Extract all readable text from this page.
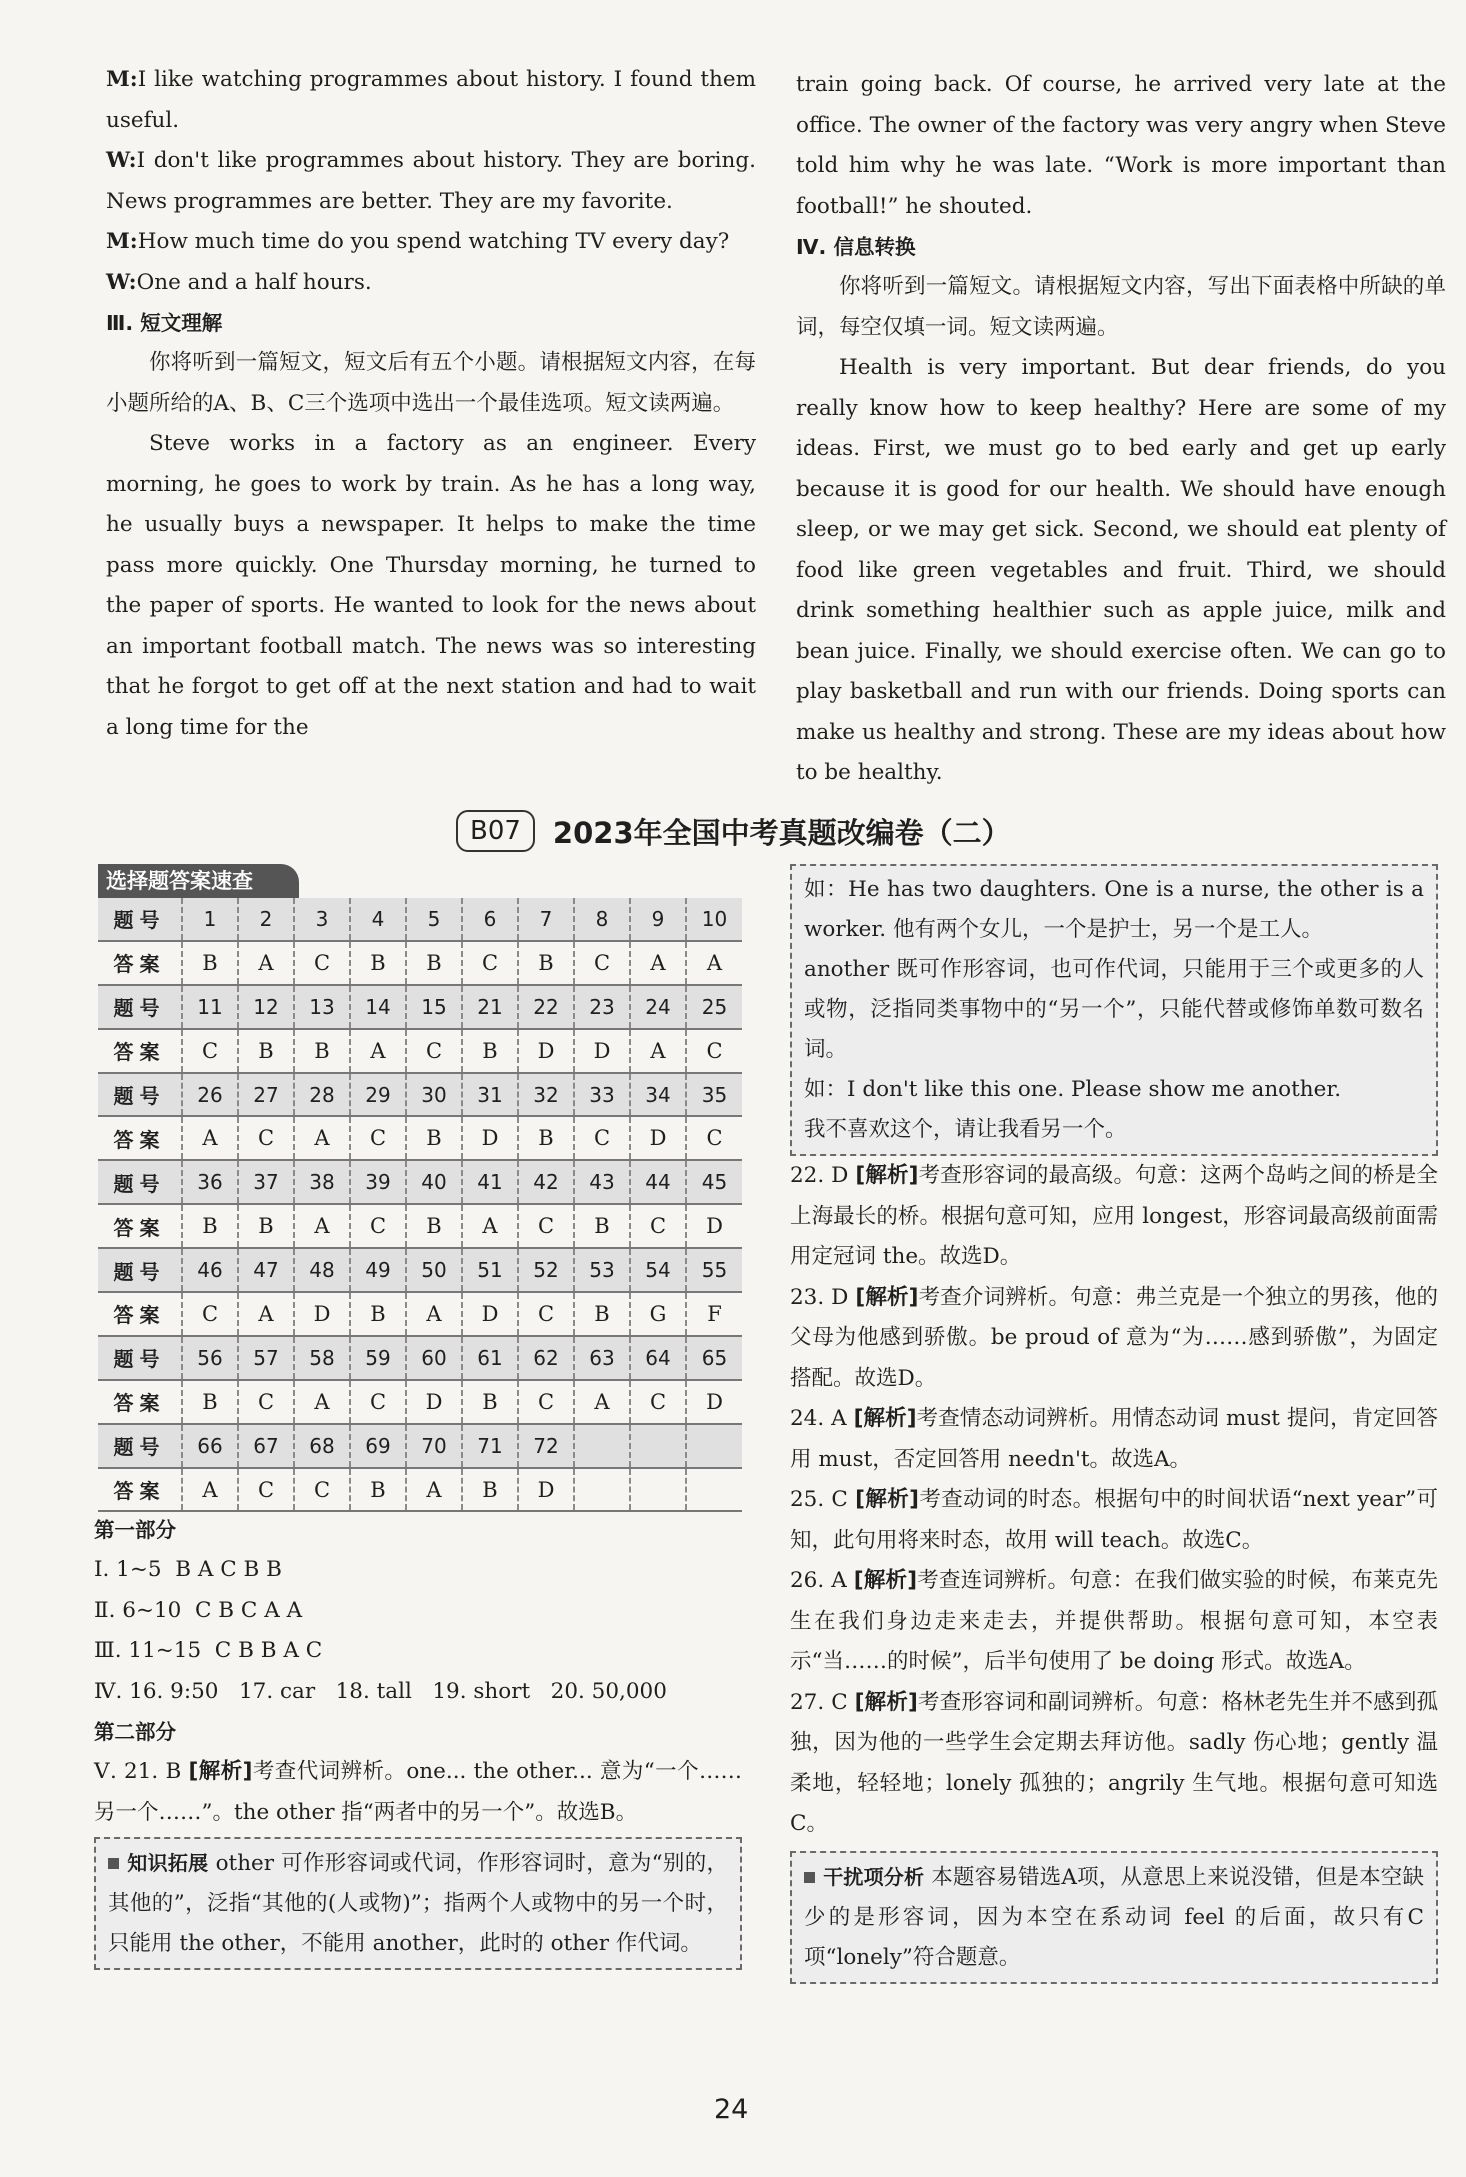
M:I like watching programmes about history. I found them useful.

W:I don't like programmes about history. They are boring. News programmes are better. They are my favorite.

M:How much time do you spend watching TV every day?

W:One and a half hours.

Ⅲ. 短文理解

你将听到一篇短文，短文后有五个小题。请根据短文内容，在每小题所给的A、B、C三个选项中选出一个最佳选项。短文读两遍。

Steve works in a factory as an engineer. Every morning, he goes to work by train. As he has a long way, he usually buys a newspaper. It helps to make the time pass more quickly. One Thursday morning, he turned to the paper of sports. He wanted to look for the news about an important football match. The news was so interesting that he forgot to get off at the next station and had to wait a long time for the

train going back. Of course, he arrived very late at the office. The owner of the factory was very angry when Steve told him why he was late. “Work is more important than football!” he shouted.

Ⅳ. 信息转换

你将听到一篇短文。请根据短文内容，写出下面表格中所缺的单词，每空仅填一词。短文读两遍。

Health is very important. But dear friends, do you really know how to keep healthy? Here are some of my ideas. First, we must go to bed early and get up early because it is good for our health. We should have enough sleep, or we may get sick. Second, we should eat plenty of food like green vegetables and fruit. Third, we should drink something healthier such as apple juice, milk and bean juice. Finally, we should exercise often. We can go to play basketball and run with our friends. Doing sports can make us healthy and strong. These are my ideas about how to be healthy.

B07	2023年全国中考真题改编卷（二）
选择题答案速查
题号	1	2	3	4	5	6	7	8	9	10
答案	B	A	C	B	B	C	B	C	A	A
题号	11	12	13	14	15	21	22	23	24	25
答案	C	B	B	A	C	B	D	D	A	C
题号	26	27	28	29	30	31	32	33	34	35
答案	A	C	A	C	B	D	B	C	D	C
题号	36	37	38	39	40	41	42	43	44	45
答案	B	B	A	C	B	A	C	B	C	D
题号	46	47	48	49	50	51	52	53	54	55
答案	C	A	D	B	A	D	C	B	G	F
题号	56	57	58	59	60	61	62	63	64	65
答案	B	C	A	C	D	B	C	A	C	D
题号	66	67	68	69	70	71	72			
答案	A	C	C	B	A	B	D			

第一部分

Ⅰ. 1~5  B A C B B

Ⅱ. 6~10  C B C A A

Ⅲ. 11~15  C B B A C

Ⅳ. 16. 9:50   17. car   18. tall   19. short   20. 50,000

第二部分

Ⅴ. 21. B [解析]考查代词辨析。one... the other... 意为“一个……另一个……”。the other 指“两者中的另一个”。故选B。

知识拓展 other 可作形容词或代词，作形容词时，意为“别的，其他的”，泛指“其他的(人或物)”；指两个人或物中的另一个时，只能用 the other，不能用 another，此时的 other 作代词。

如：He has two daughters. One is a nurse, the other is a worker. 他有两个女儿，一个是护士，另一个是工人。

another 既可作形容词，也可作代词，只能用于三个或更多的人或物，泛指同类事物中的“另一个”，只能代替或修饰单数可数名词。

如：I don't like this one. Please show me another.

我不喜欢这个，请让我看另一个。

22. D [解析]考查形容词的最高级。句意：这两个岛屿之间的桥是全上海最长的桥。根据句意可知，应用 longest，形容词最高级前面需用定冠词 the。故选D。

23. D [解析]考查介词辨析。句意：弗兰克是一个独立的男孩，他的父母为他感到骄傲。be proud of 意为“为……感到骄傲”，为固定搭配。故选D。

24. A [解析]考查情态动词辨析。用情态动词 must 提问，肯定回答用 must，否定回答用 needn't。故选A。

25. C [解析]考查动词的时态。根据句中的时间状语“next year”可知，此句用将来时态，故用 will teach。故选C。

26. A [解析]考查连词辨析。句意：在我们做实验的时候，布莱克先生在我们身边走来走去，并提供帮助。根据句意可知，本空表示“当……的时候”，后半句使用了 be doing 形式。故选A。

27. C [解析]考查形容词和副词辨析。句意：格林老先生并不感到孤独，因为他的一些学生会定期去拜访他。sadly 伤心地；gently 温柔地，轻轻地；lonely 孤独的；angrily 生气地。根据句意可知选C。

干扰项分析 本题容易错选A项，从意思上来说没错，但是本空缺少的是形容词，因为本空在系动词 feel 的后面，故只有C项“lonely”符合题意。

24
